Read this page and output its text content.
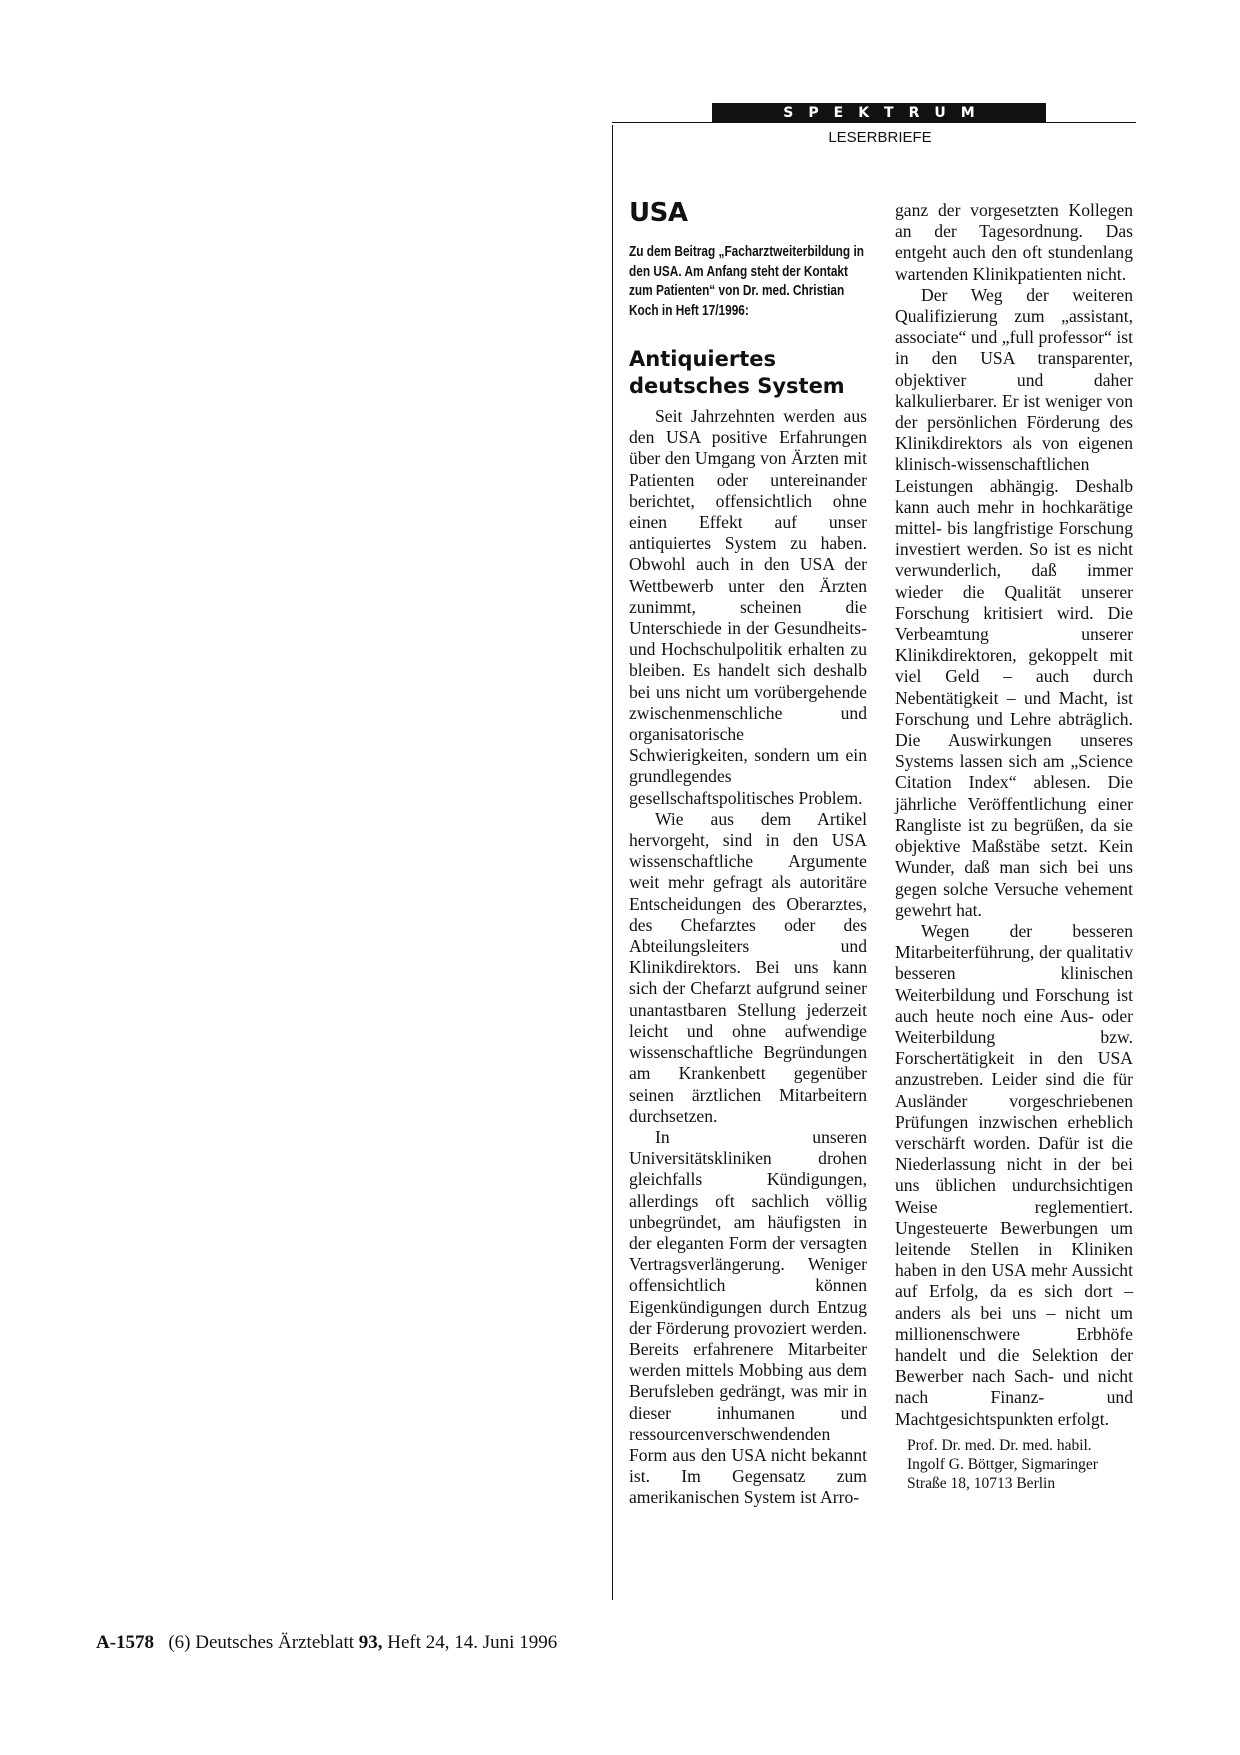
SPEKTRUM
LESERBRIEFE
USA
Zu dem Beitrag „Facharztweiterbildung in den USA. Am Anfang steht der Kontakt zum Patienten“ von Dr. med. Christian Koch in Heft 17/1996:
Antiquiertes deutsches System

Seit Jahrzehnten werden aus den USA positive Erfahrungen über den Umgang von Ärzten mit Patienten oder untereinander berichtet, offensichtlich ohne einen Effekt auf unser antiquiertes System zu haben. Obwohl auch in den USA der Wettbewerb unter den Ärzten zunimmt, scheinen die Unterschiede in der Gesundheits- und Hochschulpolitik erhalten zu bleiben. Es handelt sich deshalb bei uns nicht um vorübergehende zwischenmenschliche und organisatorische Schwierigkeiten, sondern um ein grundlegendes gesellschaftspolitisches Problem.

Wie aus dem Artikel hervorgeht, sind in den USA wissenschaftliche Argumente weit mehr gefragt als autoritäre Entscheidungen des Oberarztes, des Chefarztes oder des Abteilungsleiters und Klinikdirektors. Bei uns kann sich der Chefarzt aufgrund seiner unantastbaren Stellung jederzeit leicht und ohne aufwendige wissenschaftliche Begründungen am Krankenbett gegenüber seinen ärztlichen Mitarbeitern durchsetzen.

In unseren Universitätskliniken drohen gleichfalls Kündigungen, allerdings oft sachlich völlig unbegründet, am häufigsten in der eleganten Form der versagten Vertragsverlängerung. Weniger offensichtlich können Eigenkündigungen durch Entzug der Förderung provoziert werden. Bereits erfahrenere Mitarbeiter werden mittels Mobbing aus dem Berufsleben gedrängt, was mir in dieser inhumanen und ressourcenverschwendenden Form aus den USA nicht bekannt ist. Im Gegensatz zum amerikanischen System ist Arro-

ganz der vorgesetzten Kollegen an der Tagesordnung. Das entgeht auch den oft stundenlang wartenden Klinikpatienten nicht.

Der Weg der weiteren Qualifizierung zum „assistant, associate“ und „full professor“ ist in den USA transparenter, objektiver und daher kalkulierbarer. Er ist weniger von der persönlichen Förderung des Klinikdirektors als von eigenen klinisch-wissenschaftlichen Leistungen abhängig. Deshalb kann auch mehr in hochkarätige mittel- bis langfristige Forschung investiert werden. So ist es nicht verwunderlich, daß immer wieder die Qualität unserer Forschung kritisiert wird. Die Verbeamtung unserer Klinikdirektoren, gekoppelt mit viel Geld – auch durch Nebentätigkeit – und Macht, ist Forschung und Lehre abträglich. Die Auswirkungen unseres Systems lassen sich am „Science Citation Index“ ablesen. Die jährliche Veröffentlichung einer Rangliste ist zu begrüßen, da sie objektive Maßstäbe setzt. Kein Wunder, daß man sich bei uns gegen solche Versuche vehement gewehrt hat.

Wegen der besseren Mitarbeiterführung, der qualitativ besseren klinischen Weiterbildung und Forschung ist auch heute noch eine Aus- oder Weiterbildung bzw. Forschertätigkeit in den USA anzustreben. Leider sind die für Ausländer vorgeschriebenen Prüfungen inzwischen erheblich verschärft worden. Dafür ist die Niederlassung nicht in der bei uns üblichen undurchsichtigen Weise reglementiert. Ungesteuerte Bewerbungen um leitende Stellen in Kliniken haben in den USA mehr Aussicht auf Erfolg, da es sich dort – anders als bei uns – nicht um millionenschwere Erbhöfe handelt und die Selektion der Bewerber nach Sach- und nicht nach Finanz- und Machtgesichtspunkten erfolgt.

Prof. Dr. med. Dr. med. habil. Ingolf G. Böttger, Sigmaringer Straße 18, 10713 Berlin

A-1578 (6) Deutsches Ärzteblatt 93, Heft 24, 14. Juni 1996
